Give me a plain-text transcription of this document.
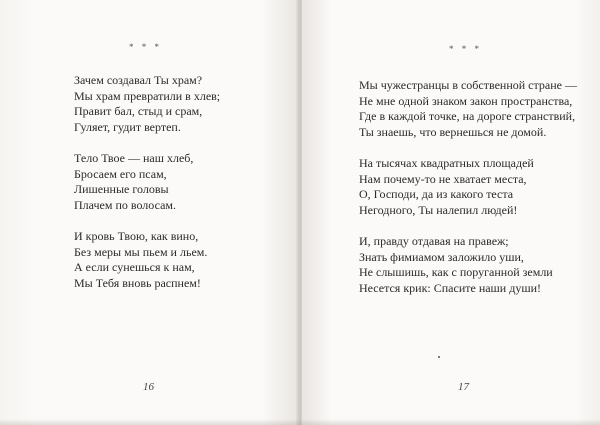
* * *
Зачем создавал Ты храм?
Мы храм превратили в хлев;
Правит бал, стыд и срам,
Гуляет, гудит вертеп.
Тело Твое — наш хлеб,
Бросаем его псам,
Лишенные головы
Плачем по волосам.
И кровь Твою, как вино,
Без меры мы пьем и льем.
А если сунешься к нам,
Мы Тебя вновь распнем!
16
* * *
Мы чужестранцы в собственной стране —
Не мне одной знаком закон пространства,
Где в каждой точке, на дороге странствий,
Ты знаешь, что вернешься не домой.
На тысячах квадратных площадей
Нам почему-то не хватает места,
О, Господи, да из какого теста
Негодного, Ты налепил людей!
И, правду отдавая на правеж;
Знать фимиамом заложило уши,
Не слышишь, как с поруганной земли
Несется крик: Спасите наши души!
17
